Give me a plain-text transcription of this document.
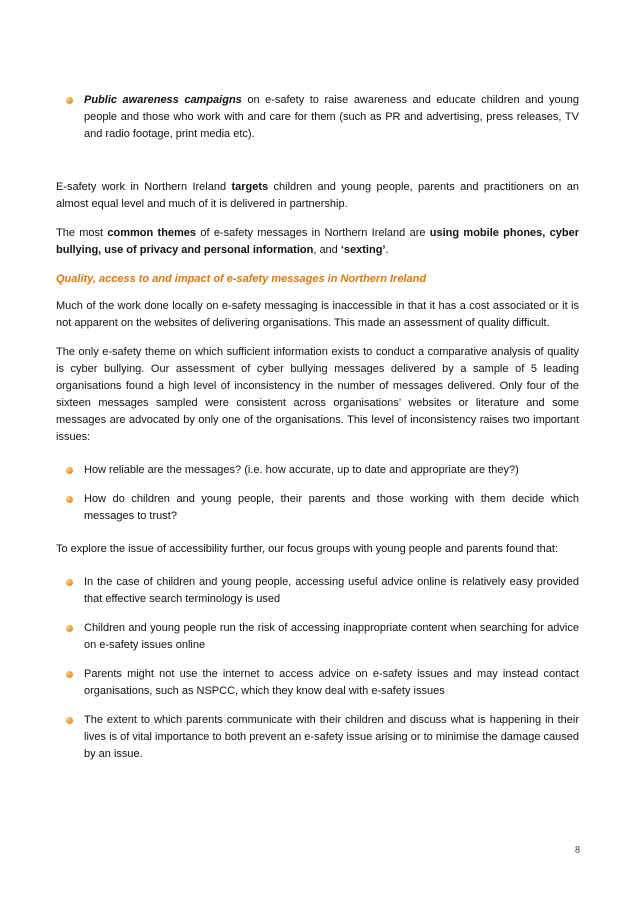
Public awareness campaigns on e-safety to raise awareness and educate children and young people and those who work with and care for them (such as PR and advertising, press releases, TV and radio footage, print media etc).

E-safety work in Northern Ireland targets children and young people, parents and practitioners on an almost equal level and much of it is delivered in partnership.

The most common themes of e-safety messages in Northern Ireland are using mobile phones, cyber bullying, use of privacy and personal information, and ‘sexting’.

Quality, access to and impact of e-safety messages in Northern Ireland

Much of the work done locally on e-safety messaging is inaccessible in that it has a cost associated or it is not apparent on the websites of delivering organisations. This made an assessment of quality difficult.

The only e-safety theme on which sufficient information exists to conduct a comparative analysis of quality is cyber bullying. Our assessment of cyber bullying messages delivered by a sample of 5 leading organisations found a high level of inconsistency in the number of messages delivered. Only four of the sixteen messages sampled were consistent across organisations’ websites or literature and some messages are advocated by only one of the organisations. This level of inconsistency raises two important issues:

How reliable are the messages? (i.e. how accurate, up to date and appropriate are they?)
How do children and young people, their parents and those working with them decide which messages to trust?

To explore the issue of accessibility further, our focus groups with young people and parents found that:

In the case of children and young people, accessing useful advice online is relatively easy provided that effective search terminology is used
Children and young people run the risk of accessing inappropriate content when searching for advice on e-safety issues online
Parents might not use the internet to access advice on e-safety issues and may instead contact organisations, such as NSPCC, which they know deal with e-safety issues
The extent to which parents communicate with their children and discuss what is happening in their lives is of vital importance to both prevent an e-safety issue arising or to minimise the damage caused by an issue.
8
